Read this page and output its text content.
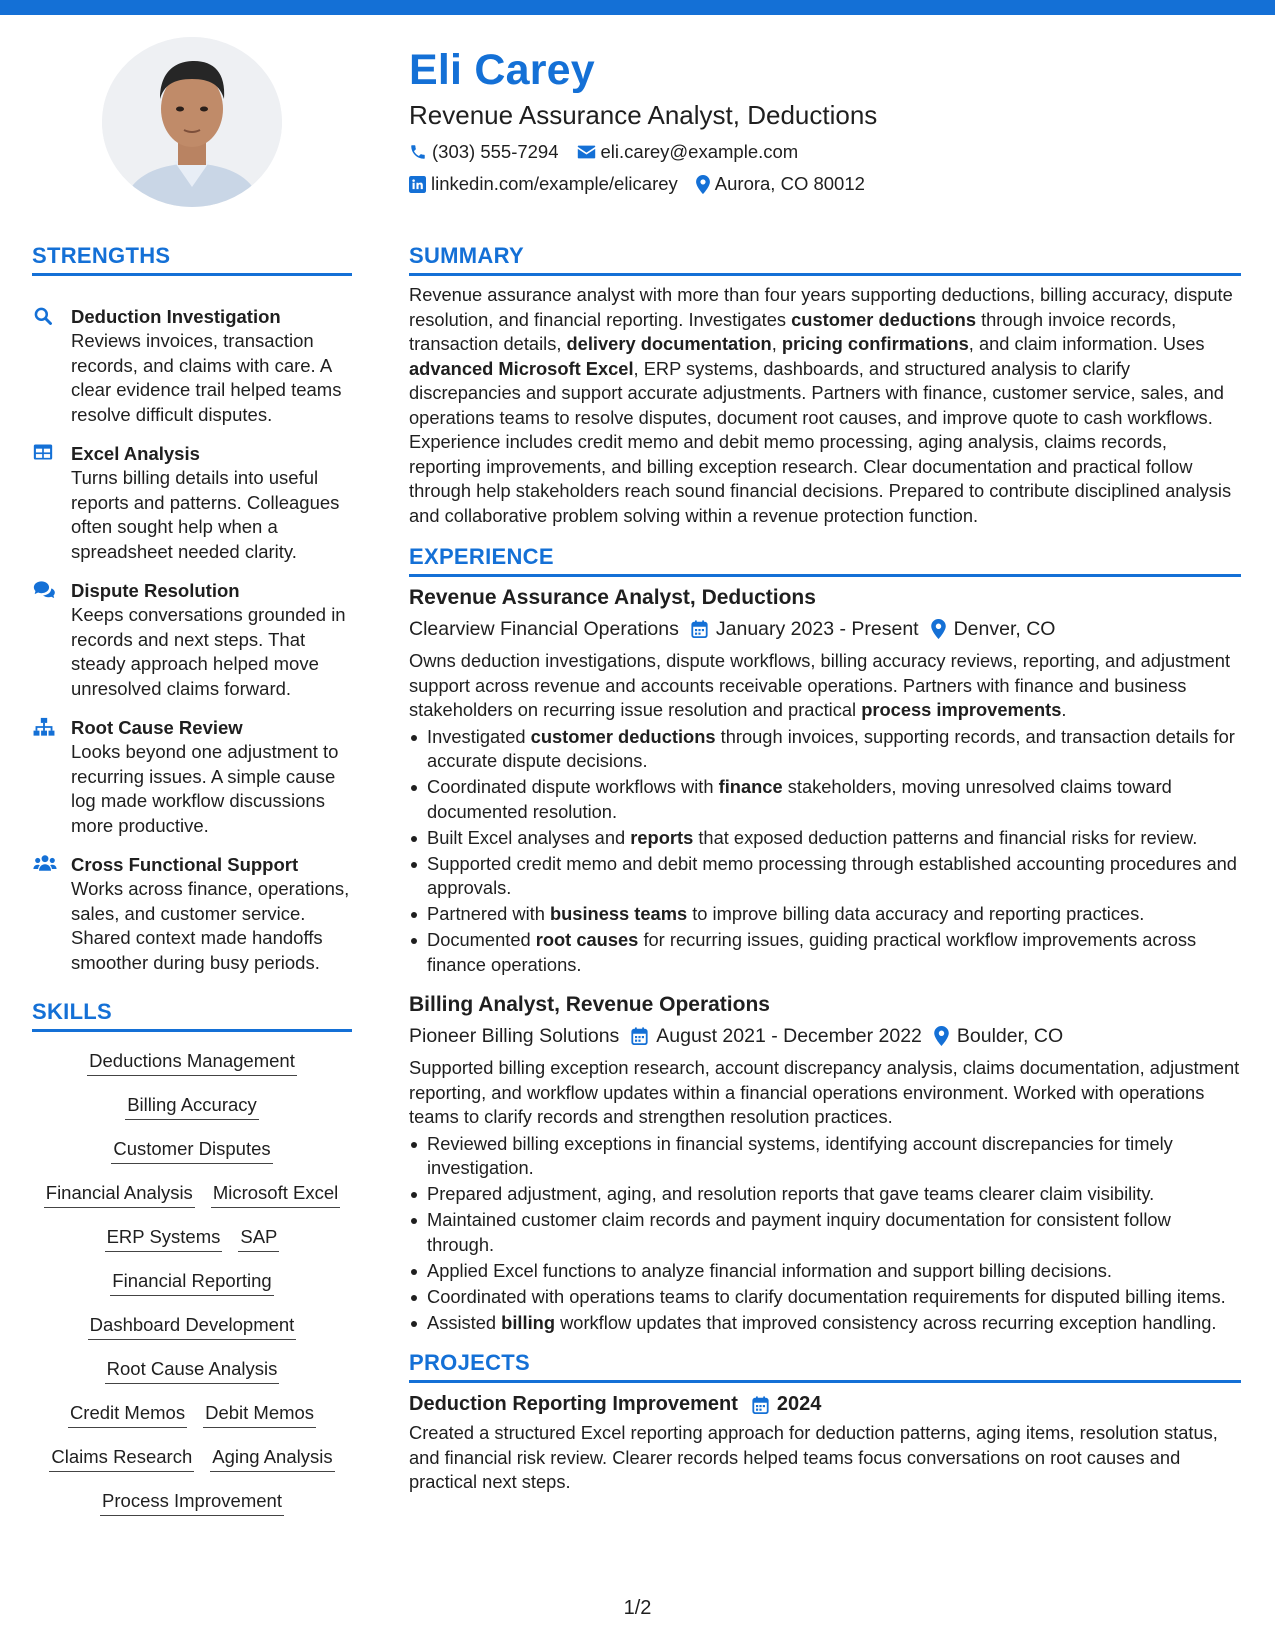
Eli Carey
Revenue Assurance Analyst, Deductions
(303) 555-7294 eli.carey@example.com
linkedin.com/example/elicarey Aurora, CO 80012
STRENGTHS
Deduction Investigation
Reviews invoices, transaction records, and claims with care. A clear evidence trail helped teams resolve difficult disputes.
Excel Analysis
Turns billing details into useful reports and patterns. Colleagues often sought help when a spreadsheet needed clarity.
Dispute Resolution
Keeps conversations grounded in records and next steps. That steady approach helped move unresolved claims forward.
Root Cause Review
Looks beyond one adjustment to recurring issues. A simple cause log made workflow discussions more productive.
Cross Functional Support
Works across finance, operations, sales, and customer service. Shared context made handoffs smoother during busy periods.
SKILLS
Deductions Management
Billing Accuracy
Customer Disputes
Financial Analysis Microsoft Excel
ERP Systems SAP
Financial Reporting
Dashboard Development
Root Cause Analysis
Credit Memos Debit Memos
Claims Research Aging Analysis
Process Improvement
SUMMARY
Revenue assurance analyst with more than four years supporting deductions, billing accuracy, dispute resolution, and financial reporting. Investigates customer deductions through invoice records, transaction details, delivery documentation, pricing confirmations, and claim information. Uses advanced Microsoft Excel, ERP systems, dashboards, and structured analysis to clarify discrepancies and support accurate adjustments. Partners with finance, customer service, sales, and operations teams to resolve disputes, document root causes, and improve quote to cash workflows. Experience includes credit memo and debit memo processing, aging analysis, claims records, reporting improvements, and billing exception research. Clear documentation and practical follow through help stakeholders reach sound financial decisions. Prepared to contribute disciplined analysis and collaborative problem solving within a revenue protection function.
EXPERIENCE
Revenue Assurance Analyst, Deductions
Clearview Financial Operations January 2023 - Present Denver, CO
Owns deduction investigations, dispute workflows, billing accuracy reviews, reporting, and adjustment support across revenue and accounts receivable operations. Partners with finance and business stakeholders on recurring issue resolution and practical process improvements.
Investigated customer deductions through invoices, supporting records, and transaction details for accurate dispute decisions.
Coordinated dispute workflows with finance stakeholders, moving unresolved claims toward documented resolution.
Built Excel analyses and reports that exposed deduction patterns and financial risks for review.
Supported credit memo and debit memo processing through established accounting procedures and approvals.
Partnered with business teams to improve billing data accuracy and reporting practices.
Documented root causes for recurring issues, guiding practical workflow improvements across finance operations.
Billing Analyst, Revenue Operations
Pioneer Billing Solutions August 2021 - December 2022 Boulder, CO
Supported billing exception research, account discrepancy analysis, claims documentation, adjustment reporting, and workflow updates within a financial operations environment. Worked with operations teams to clarify records and strengthen resolution practices.
Reviewed billing exceptions in financial systems, identifying account discrepancies for timely investigation.
Prepared adjustment, aging, and resolution reports that gave teams clearer claim visibility.
Maintained customer claim records and payment inquiry documentation for consistent follow through.
Applied Excel functions to analyze financial information and support billing decisions.
Coordinated with operations teams to clarify documentation requirements for disputed billing items.
Assisted billing workflow updates that improved consistency across recurring exception handling.
PROJECTS
Deduction Reporting Improvement 2024
Created a structured Excel reporting approach for deduction patterns, aging items, resolution status, and financial risk review. Clearer records helped teams focus conversations on root causes and practical next steps.
1/2
